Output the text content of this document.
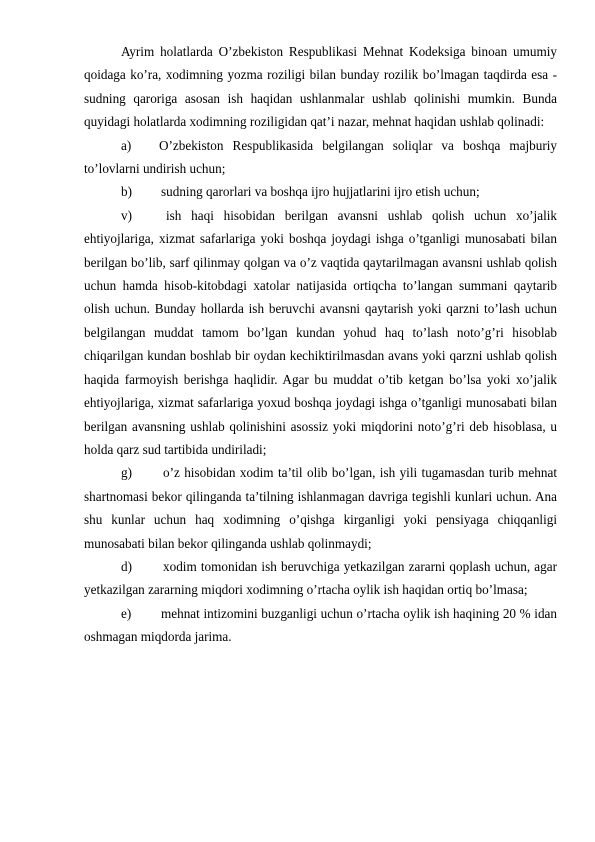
Ayrim holatlarda O’zbekiston Respublikasi Mehnat Kodeksiga binoan umumiy qoidaga ko’ra, xodimning yozma roziligi bilan bunday rozilik bo’lmagan taqdirda esa - sudning qaroriga asosan ish haqidan ushlanmalar ushlab qolinishi mumkin. Bunda quyidagi holatlarda xodimning roziligidan qat’i nazar, mehnat haqidan ushlab qolinadi:

a) O’zbekiston Respublikasida belgilangan soliqlar va boshqa majburiy to’lovlarni undirish uchun;

b) sudning qarorlari va boshqa ijro hujjatlarini ijro etish uchun;

v)	ish haqi hisobidan berilgan avansni ushlab qolish uchun xo’jalik ehtiyojlariga, xizmat safarlariga yoki boshqa joydagi ishga o’tganligi munosabati bilan berilgan bo’lib, sarf qilinmay qolgan va o’z vaqtida qaytarilmagan avansni ushlab qolish uchun hamda hisob-kitobdagi xatolar natijasida ortiqcha to’langan summani qaytarib olish uchun. Bunday hollarda ish beruvchi avansni qaytarish yoki qarzni to’lash uchun belgilangan muddat tamom bo’lgan kundan yohud haq to’lash noto’g’ri hisoblab chiqarilgan kundan boshlab bir oydan kechiktirilmasdan avans yoki qarzni ushlab qolish haqida farmoyish berishga haqlidir. Agar bu muddat o’tib ketgan bo’lsa yoki xo’jalik ehtiyojlariga, xizmat safarlariga yoxud boshqa joydagi ishga o’tganligi munosabati bilan berilgan avansning ushlab qolinishini asossiz yoki miqdorini noto’g’ri deb hisoblasa, u holda qarz sud tartibida undiriladi;

g) o’z hisobidan xodim ta’til olib bo’lgan, ish yili tugamasdan turib mehnat shartnomasi bekor qilinganda ta’tilning ishlanmagan davriga tegishli kunlari uchun. Ana shu kunlar uchun haq xodimning o’qishga kirganligi yoki pensiyaga chiqqanligi munosabati bilan bekor qilinganda ushlab qolinmaydi;

d) xodim tomonidan ish beruvchiga yetkazilgan zararni qoplash uchun, agar yetkazilgan zararning miqdori xodimning o’rtacha oylik ish haqidan ortiq bo’lmasa;

e) mehnat intizomini buzganligi uchun o’rtacha oylik ish haqining 20 % idan oshmagan miqdorda jarima.
